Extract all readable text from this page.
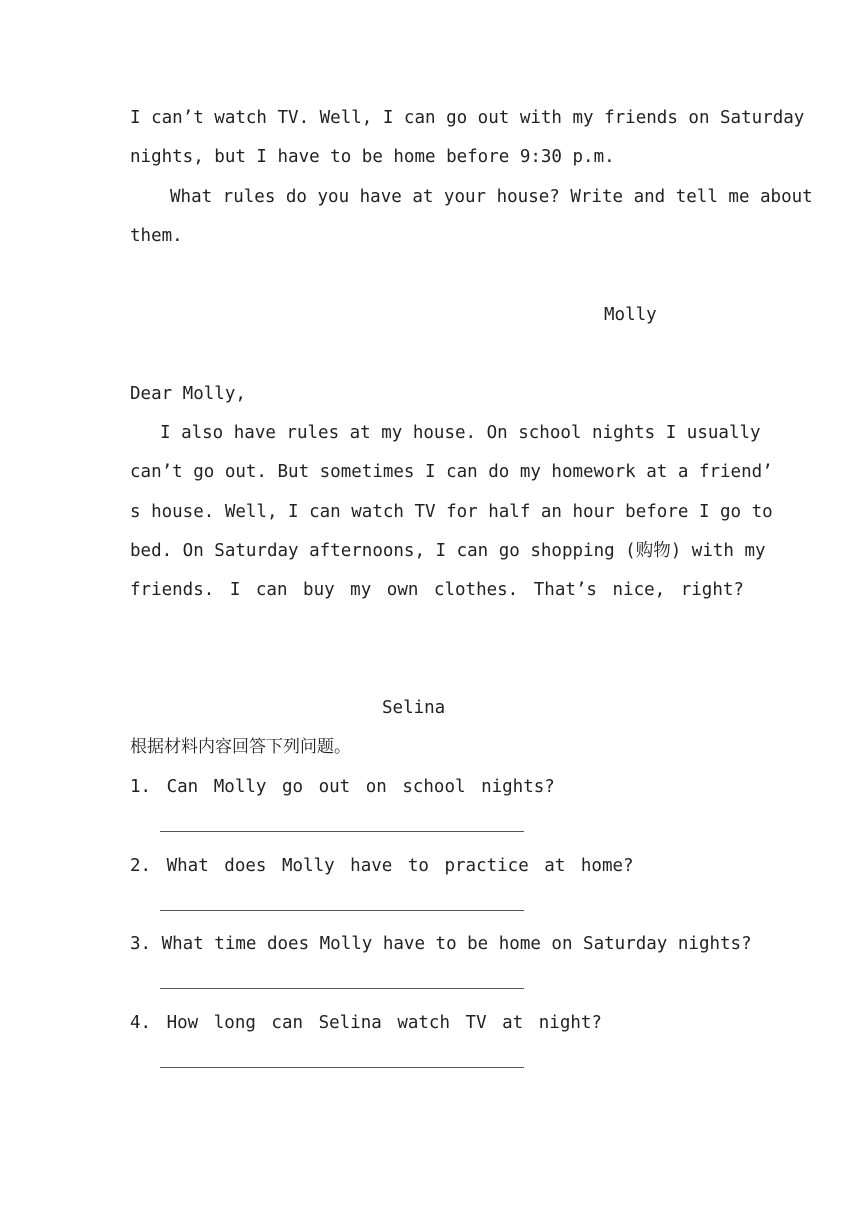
I can’t watch TV. Well, I can go out with my friends on Saturday
nights, but I have to be home before 9:30 p.m.
What rules do you have at your house? Write and tell me about
them.
Molly
Dear Molly,
I also have rules at my house. On school nights I usually
can’t go out. But sometimes I can do my homework at a friend’
s house. Well, I can watch TV for half an hour before I go to
bed. On Saturday afternoons, I can go shopping (购物) with my
friends. I can buy my own clothes. That’s nice, right?
Selina
根据材料内容回答下列问题。
1. Can Molly go out on school nights?
2. What does Molly have to practice at home?
3. What time does Molly have to be home on Saturday nights?
4. How long can Selina watch TV at night?
